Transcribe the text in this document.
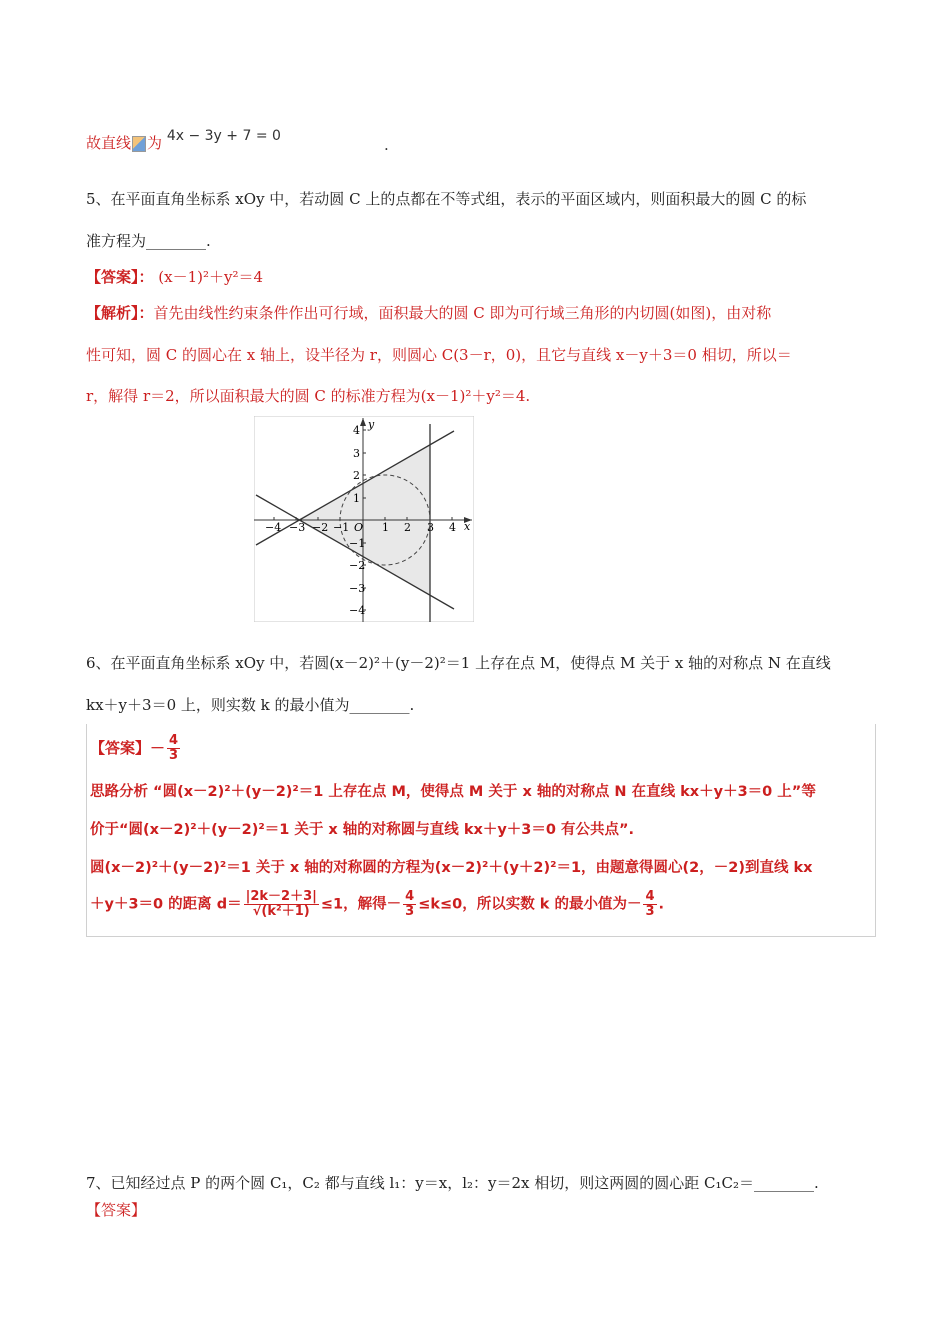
故直线 为 4x − 3y + 7 = 0	.
5、在平面直角坐标系 xOy 中，若动圆 C 上的点都在不等式组，表示的平面区域内，则面积最大的圆 C 的标
准方程为________.
【答案】： (x－1)²＋y²＝4
【解析】：首先由线性约束条件作出可行域，面积最大的圆 C 即为可行域三角形的内切圆(如图)，由对称
性可知，圆 C 的圆心在 x 轴上，设半径为 r，则圆心 C(3－r，0)，且它与直线 x－y＋3＝0 相切，所以＝
r，解得 r＝2，所以面积最大的圆 C 的标准方程为(x－1)²＋y²＝4.
−4 −3 −2 −1	1 2 3 4 x
4
3
2
1
−1
−2
−3
−4
y
O
6、在平面直角坐标系 xOy 中，若圆(x－2)²＋(y－2)²＝1 上存在点 M，使得点 M 关于 x 轴的对称点 N 在直线
kx＋y＋3＝0 上，则实数 k 的最小值为________.
【答案】－ $\frac{4}{3}$
思路分析 “圆(x－2)²＋(y－2)²＝1 上存在点 M，使得点 M 关于 x 轴的对称点 N 在直线 kx＋y＋3＝0 上”等
价于“圆(x－2)²＋(y－2)²＝1 关于 x 轴的对称圆与直线 kx＋y＋3＝0 有公共点”.
圆(x－2)²＋(y－2)²＝1 关于 x 轴的对称圆的方程为(x－2)²＋(y＋2)²＝1，由题意得圆心(2，－2)到直线 kx
＋y＋3＝0 的距离 $d= \frac{|2k-2+3|}{\text{√(k²＋1)}} \le 1$，解得－ $\frac{4}{3} \le k\le 0$，所以实数 k 的最小值为－ $\frac{4}{3}$ .
7、已知经过点 P 的两个圆 C₁，C₂ 都与直线 l₁：y＝x，l₂：y＝2x 相切，则这两圆的圆心距 C₁C₂＝________.
【答案】
